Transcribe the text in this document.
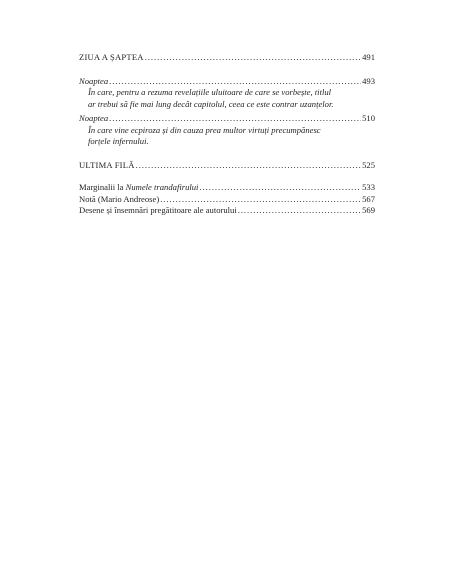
ZIUA A ȘAPTEA . . .	491
Noaptea . . .	493
În care, pentru a rezuma revelațiile uluitoare de care se vorbește, titlul ar trebui să fie mai lung decât capitolul, ceea ce este contrar uzanțelor.
Noaptea . . .	510
În care vine ecpiroza și din cauza prea multor virtuți precumpănesc forțele infernului.
ULTIMA FILĂ . . .	525
Marginalii la Numele trandafirului . . .	533
Notă (Mario Andreose) . . .	567
Desene și însemnări pregătitoare ale autorului . . .	569
